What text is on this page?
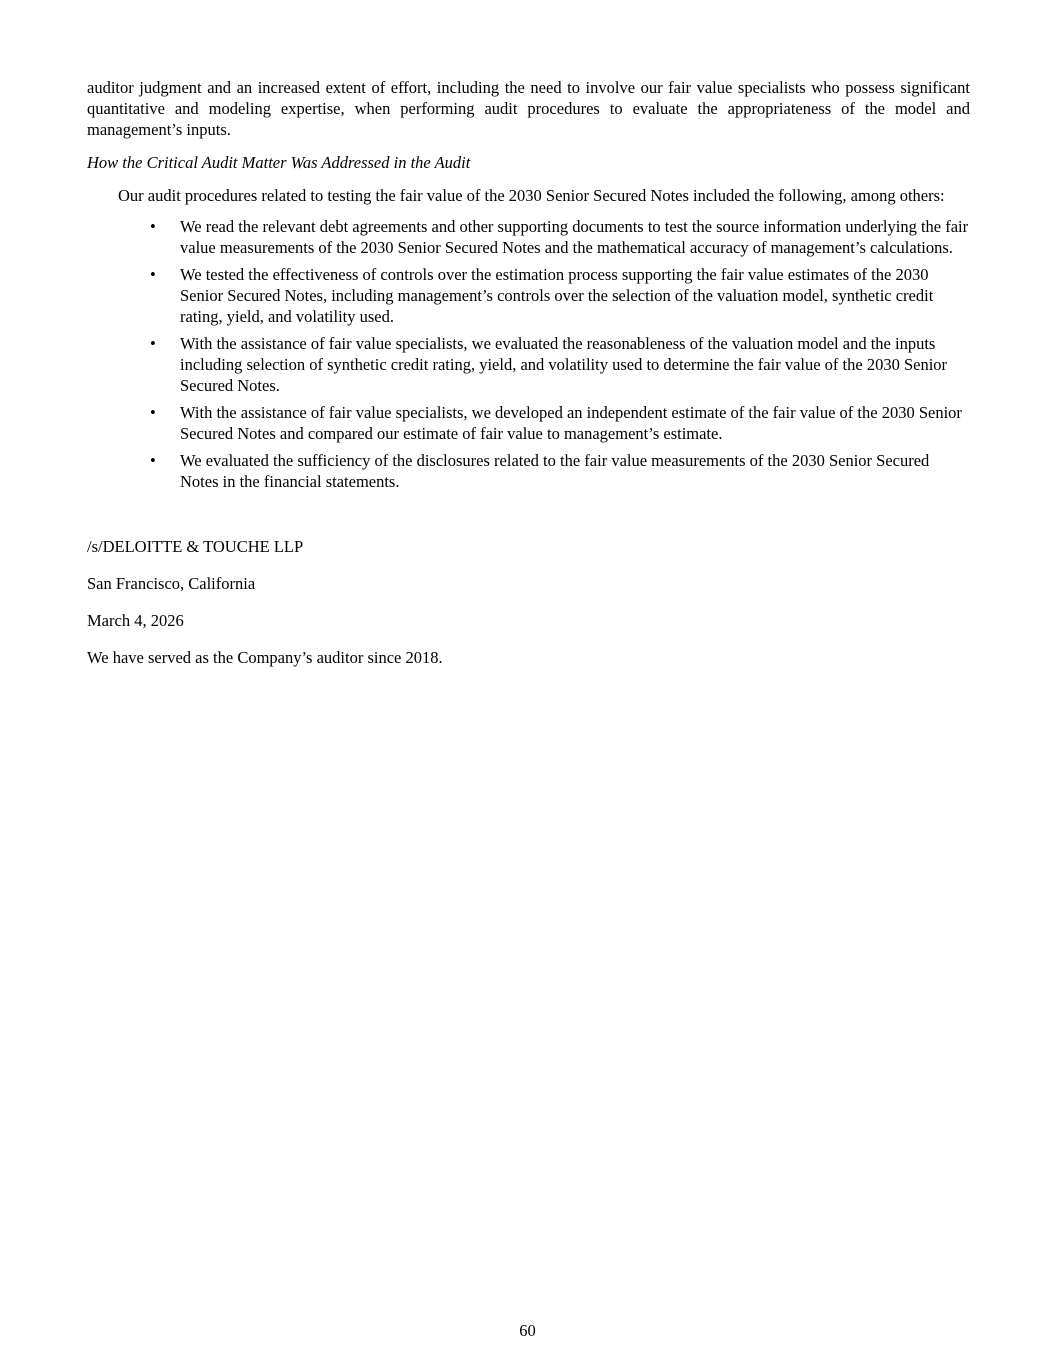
auditor judgment and an increased extent of effort, including the need to involve our fair value specialists who possess significant quantitative and modeling expertise, when performing audit procedures to evaluate the appropriateness of the model and management’s inputs.

How the Critical Audit Matter Was Addressed in the Audit

Our audit procedures related to testing the fair value of the 2030 Senior Secured Notes included the following, among others:

•	We read the relevant debt agreements and other supporting documents to test the source information underlying the fair value measurements of the 2030 Senior Secured Notes and the mathematical accuracy of management’s calculations.
•	We tested the effectiveness of controls over the estimation process supporting the fair value estimates of the 2030 Senior Secured Notes, including management’s controls over the selection of the valuation model, synthetic credit rating, yield, and volatility used.
•	With the assistance of fair value specialists, we evaluated the reasonableness of the valuation model and the inputs including selection of synthetic credit rating, yield, and volatility used to determine the fair value of the 2030 Senior Secured Notes.
•	With the assistance of fair value specialists, we developed an independent estimate of the fair value of the 2030 Senior Secured Notes and compared our estimate of fair value to management’s estimate.
•	We evaluated the sufficiency of the disclosures related to the fair value measurements of the 2030 Senior Secured Notes in the financial statements.

/s/DELOITTE & TOUCHE LLP

San Francisco, California

March 4, 2026

We have served as the Company’s auditor since 2018.

60
